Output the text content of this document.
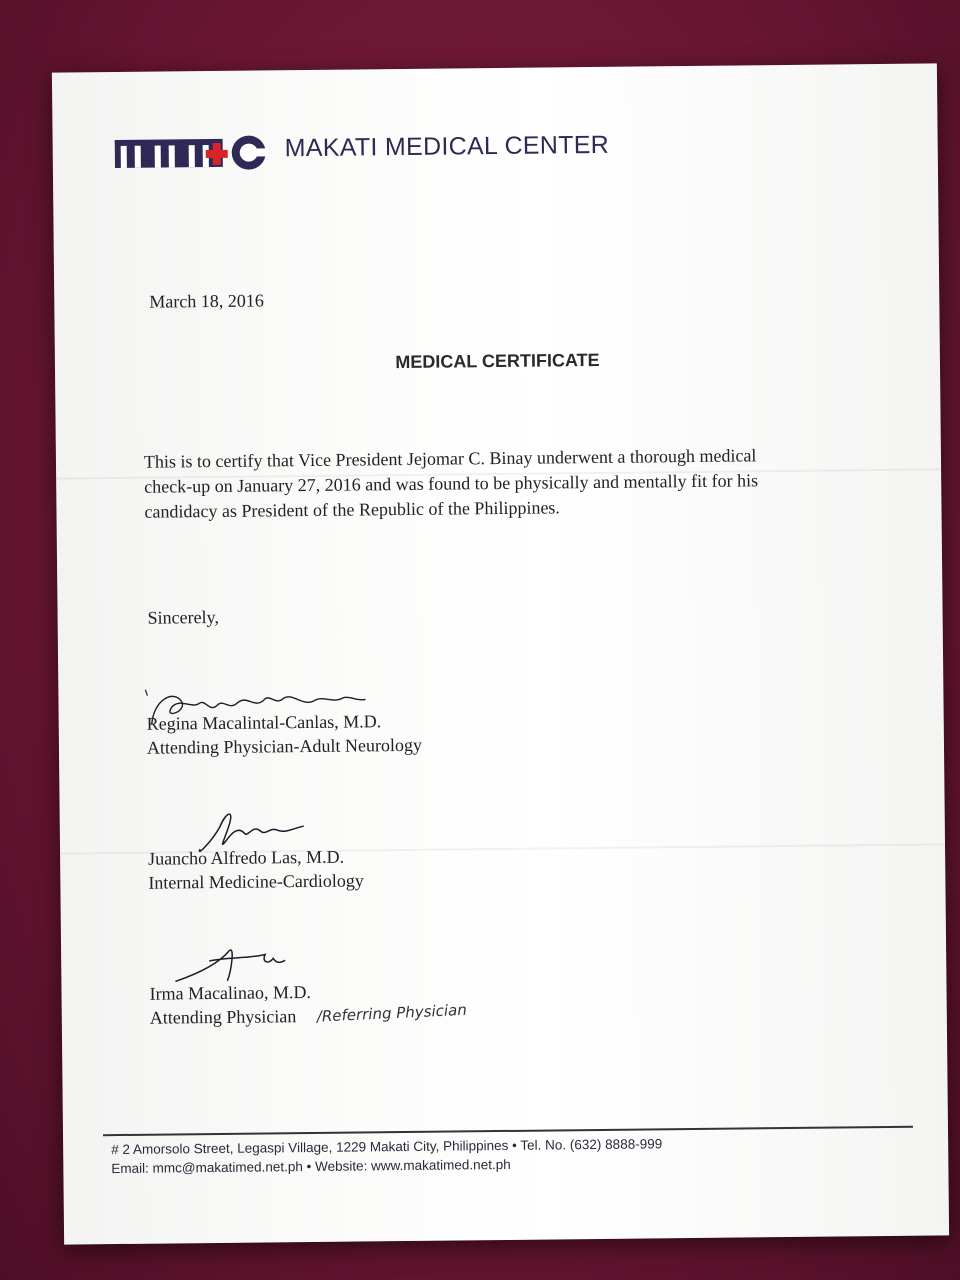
MAKATI MEDICAL CENTER
March 18, 2016
MEDICAL CERTIFICATE
This is to certify that Vice President Jejomar C. Binay underwent a thorough medical check-up on January 27, 2016 and was found to be physically and mentally fit for his candidacy as President of the Republic of the Philippines.
Sincerely,
Regina Macalintal-Canlas, M.D.
Attending Physician-Adult Neurology
Juancho Alfredo Las, M.D.
Internal Medicine-Cardiology
Irma Macalinao, M.D.
Attending Physician	/Referring Physician
# 2 Amorsolo Street, Legaspi Village, 1229 Makati City, Philippines • Tel. No. (632) 8888-999
Email: mmc@makatimed.net.ph • Website: www.makatimed.net.ph
